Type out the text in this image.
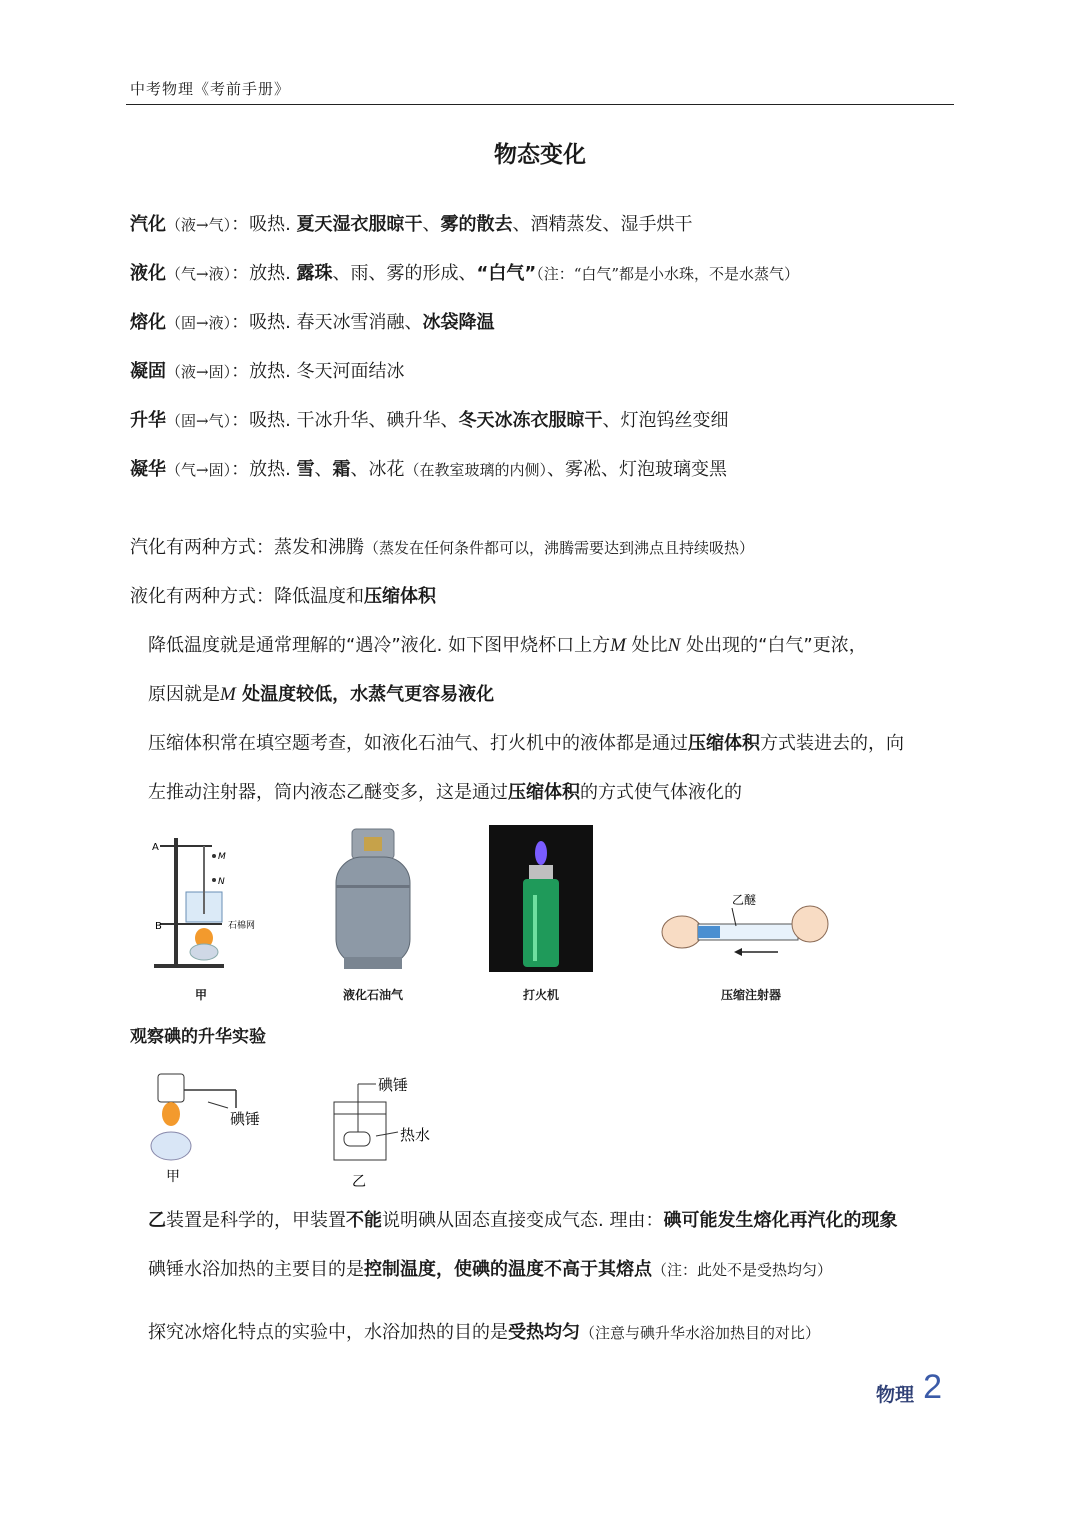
中考物理《考前手册》
物态变化
汽化（液→气）：吸热. 夏天湿衣服晾干、雾的散去、酒精蒸发、湿手烘干
液化（气→液）：放热. 露珠、雨、雾的形成、“白气”（注：“白气”都是小水珠，不是水蒸气）
熔化（固→液）：吸热. 春天冰雪消融、冰袋降温
凝固（液→固）：放热. 冬天河面结冰
升华（固→气）：吸热. 干冰升华、碘升华、冬天冰冻衣服晾干、灯泡钨丝变细
凝华（气→固）：放热. 雪、霜、冰花（在教室玻璃的内侧）、雾凇、灯泡玻璃变黑
汽化有两种方式：蒸发和沸腾（蒸发在任何条件都可以，沸腾需要达到沸点且持续吸热）
液化有两种方式：降低温度和压缩体积
降低温度就是通常理解的“遇冷”液化. 如下图甲烧杯口上方M 处比N 处出现的“白气”更浓，
原因就是M 处温度较低，水蒸气更容易液化
压缩体积常在填空题考查，如液化石油气、打火机中的液体都是通过压缩体积方式装进去的，向
左推动注射器，筒内液态乙醚变多，这是通过压缩体积的方式使气体液化的
A
B
M
N
石棉网
甲	液化石油气	打火机
乙醚
压缩注射器
观察碘的升华实验
碘锤
甲
碘锤
热水
乙
乙装置是科学的，甲装置不能说明碘从固态直接变成气态. 理由：碘可能发生熔化再汽化的现象
碘锤水浴加热的主要目的是控制温度，使碘的温度不高于其熔点（注：此处不是受热均匀）
探究冰熔化特点的实验中，水浴加热的目的是受热均匀（注意与碘升华水浴加热目的对比）
物理 2
